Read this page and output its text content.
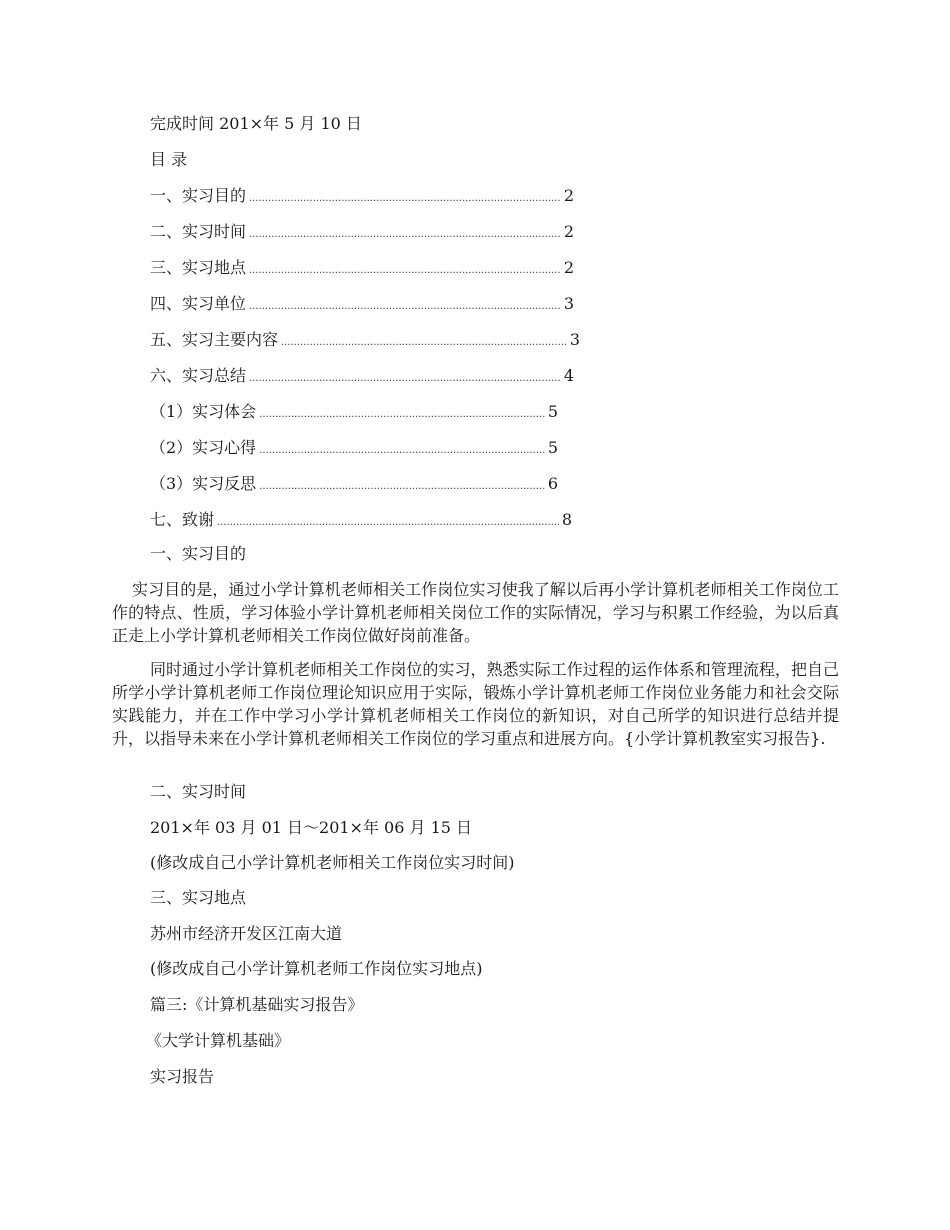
完成时间 201×年 5 月 10 日
目 录
一、实习目的 .....	2
二、实习时间 .....	2
三、实习地点 .....	2
四、实习单位 .....	3
五、实习主要内容 .....	3
六、实习总结 .....	4
（1）实习体会 .....	5
（2）实习心得 .....	5
（3）实习反思 .....	6
七、致谢 .....	8
一、实习目的
实习目的是，通过小学计算机老师相关工作岗位实习使我了解以后再小学计算机老师相关工作岗位工作的特点、性质，学习体验小学计算机老师相关岗位工作的实际情况，学习与积累工作经验，为以后真正走上小学计算机老师相关工作岗位做好岗前准备。
同时通过小学计算机老师相关工作岗位的实习，熟悉实际工作过程的运作体系和管理流程，把自己所学小学计算机老师工作岗位理论知识应用于实际，锻炼小学计算机老师工作岗位业务能力和社会交际实践能力，并在工作中学习小学计算机老师相关工作岗位的新知识，对自己所学的知识进行总结并提升，以指导未来在小学计算机老师相关工作岗位的学习重点和进展方向。{小学计算机教室实习报告}.
二、实习时间
201×年 03 月 01 日～201×年 06 月 15 日
(修改成自己小学计算机老师相关工作岗位实习时间)
三、实习地点
苏州市经济开发区江南大道
(修改成自己小学计算机老师工作岗位实习地点)
篇三:《计算机基础实习报告》
《大学计算机基础》
实习报告
